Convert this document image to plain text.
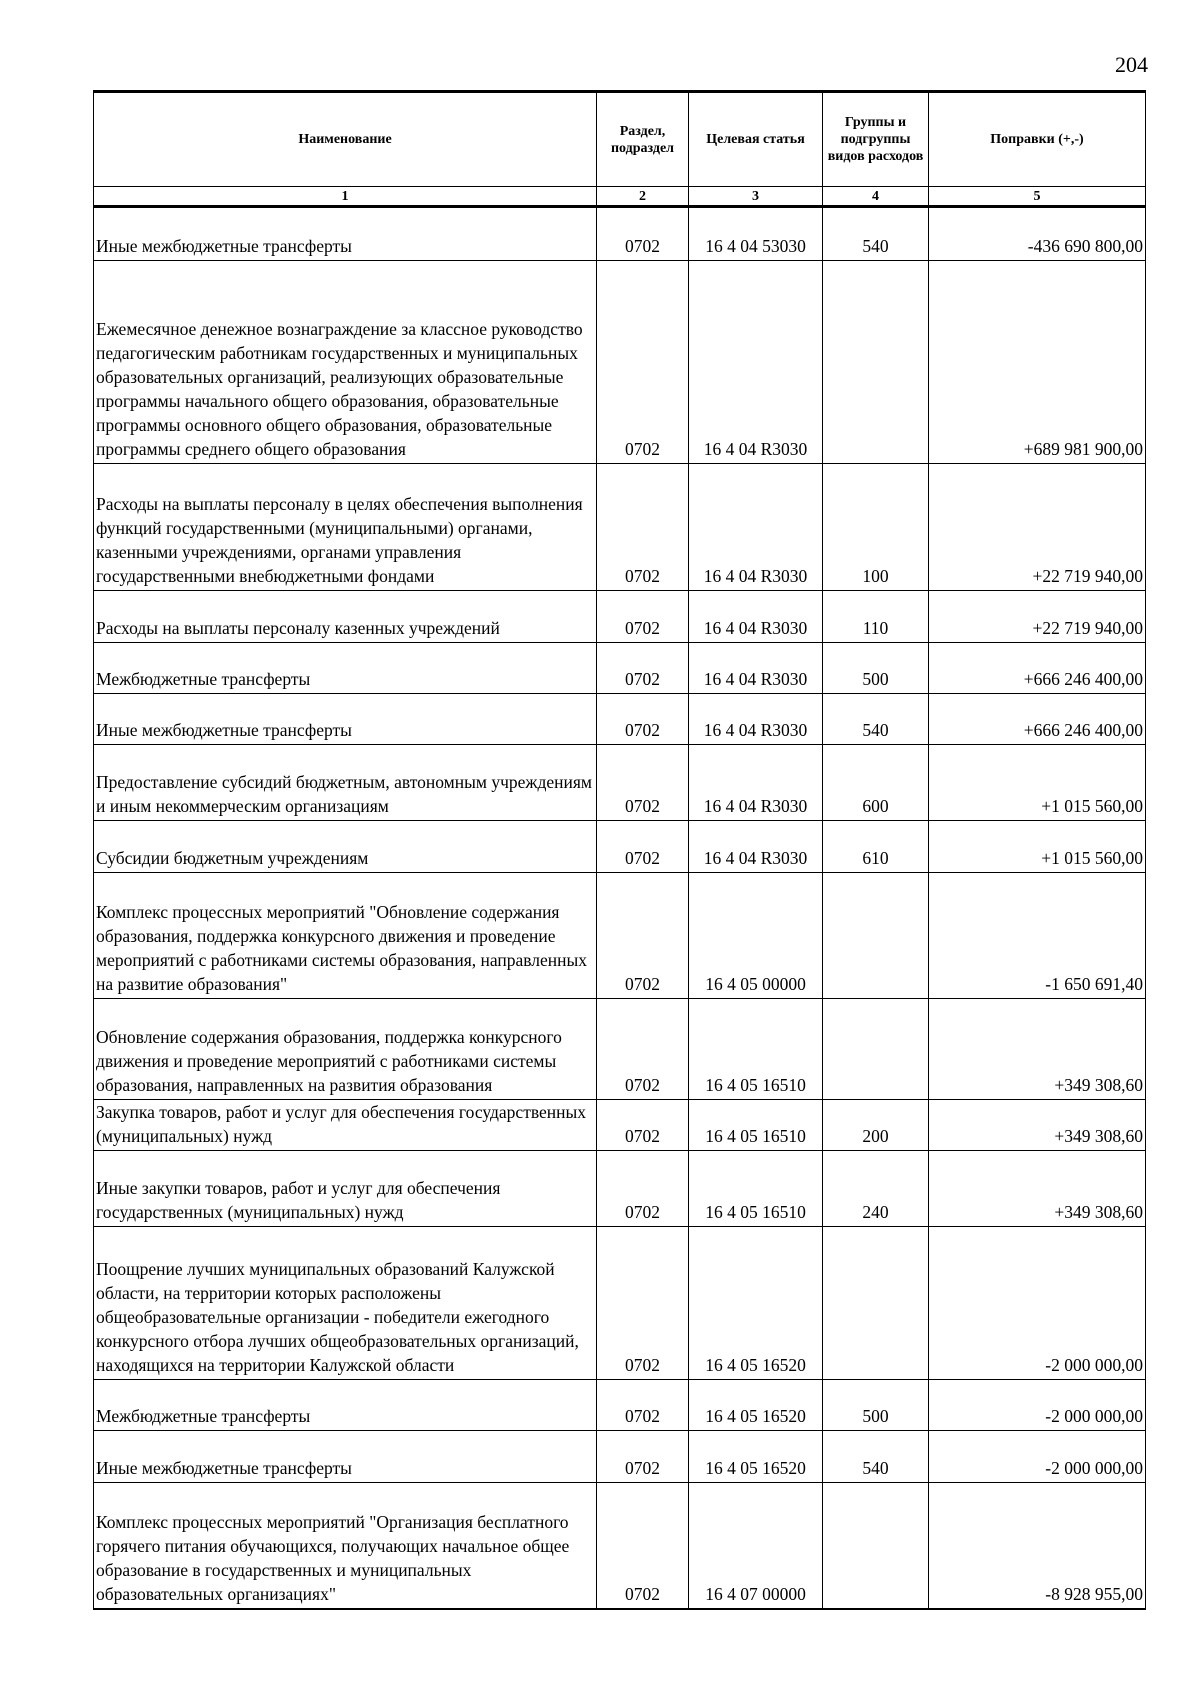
204
Наименование	Раздел, подраздел	Целевая статья	Группы и подгруппы видов расходов	Поправки (+,-)
1	2	3	4	5
Иные межбюджетные трансферты	0702	16 4 04 53030	540	-436 690 800,00
Ежемесячное денежное вознаграждение за классное руководство педагогическим работникам государственных и муниципальных образовательных организаций, реализующих образовательные программы начального общего образования, образовательные программы основного общего образования, образовательные программы среднего общего образования	0702	16 4 04 R3030		+689 981 900,00
Расходы на выплаты персоналу в целях обеспечения выполнения функций государственными (муниципальными) органами, казенными учреждениями, органами управления государственными внебюджетными фондами	0702	16 4 04 R3030	100	+22 719 940,00
Расходы на выплаты персоналу казенных учреждений	0702	16 4 04 R3030	110	+22 719 940,00
Межбюджетные трансферты	0702	16 4 04 R3030	500	+666 246 400,00
Иные межбюджетные трансферты	0702	16 4 04 R3030	540	+666 246 400,00
Предоставление субсидий бюджетным, автономным учреждениям и иным некоммерческим организациям	0702	16 4 04 R3030	600	+1 015 560,00
Субсидии бюджетным учреждениям	0702	16 4 04 R3030	610	+1 015 560,00
Комплекс процессных мероприятий "Обновление содержания образования, поддержка конкурсного движения и проведение мероприятий с работниками системы образования, направленных на развитие образования"	0702	16 4 05 00000		-1 650 691,40
Обновление содержания образования, поддержка конкурсного движения и проведение мероприятий с работниками системы образования, направленных на развития образования	0702	16 4 05 16510		+349 308,60
Закупка товаров, работ и услуг для обеспечения государственных (муниципальных) нужд	0702	16 4 05 16510	200	+349 308,60
Иные закупки товаров, работ и услуг для обеспечения государственных (муниципальных) нужд	0702	16 4 05 16510	240	+349 308,60
Поощрение лучших муниципальных образований Калужской области, на территории которых расположены общеобразовательные организации - победители ежегодного конкурсного отбора лучших общеобразовательных организаций, находящихся на территории Калужской области	0702	16 4 05 16520		-2 000 000,00
Межбюджетные трансферты	0702	16 4 05 16520	500	-2 000 000,00
Иные межбюджетные трансферты	0702	16 4 05 16520	540	-2 000 000,00
Комплекс процессных мероприятий "Организация бесплатного горячего питания обучающихся, получающих начальное общее образование в государственных и муниципальных образовательных организациях"	0702	16 4 07 00000		-8 928 955,00
